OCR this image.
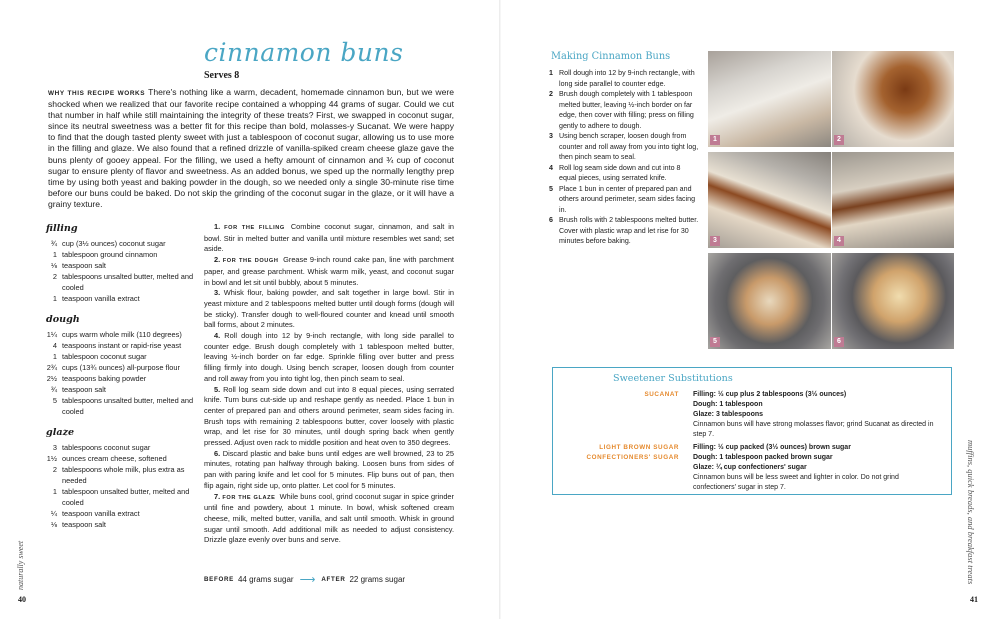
cinnamon buns
Serves 8
WHY THIS RECIPE WORKS There's nothing like a warm, decadent, homemade cinnamon bun, but we were shocked when we realized that our favorite recipe contained a whopping 44 grams of sugar. Could we cut that number in half while still maintaining the integrity of these treats? First, we swapped in coconut sugar, since its neutral sweetness was a better fit for this recipe than bold, molasses-y Sucanat. We were happy to find that the dough tasted plenty sweet with just a tablespoon of coconut sugar, allowing us to use more in the filling and glaze. We also found that a refined drizzle of vanilla-spiked cream cheese glaze gave the buns plenty of gooey appeal. For the filling, we used a hefty amount of cinnamon and ¾ cup of coconut sugar to ensure plenty of flavor and sweetness. As an added bonus, we sped up the normally lengthy prep time by using both yeast and baking powder in the dough, so we needed only a single 30-minute rise time before our buns could be baked. Do not skip the grinding of the coconut sugar in the glaze, or it will have a grainy texture.
filling
¾ cup (3½ ounces) coconut sugar
1 tablespoon ground cinnamon
⅛ teaspoon salt
2 tablespoons unsalted butter, melted and cooled
1 teaspoon vanilla extract
dough
1¼ cups warm whole milk (110 degrees)
4 teaspoons instant or rapid-rise yeast
1 tablespoon coconut sugar
2¾ cups (13¾ ounces) all-purpose flour
2½ teaspoons baking powder
¾ teaspoon salt
5 tablespoons unsalted butter, melted and cooled
glaze
3 tablespoons coconut sugar
1½ ounces cream cheese, softened
2 tablespoons whole milk, plus extra as needed
1 tablespoon unsalted butter, melted and cooled
¼ teaspoon vanilla extract
⅛ teaspoon salt

1. FOR THE FILLING Combine coconut sugar, cinnamon, and salt in bowl. Stir in melted butter and vanilla until mixture resembles wet sand; set aside.

2. FOR THE DOUGH Grease 9-inch round cake pan, line with parchment paper, and grease parchment. Whisk warm milk, yeast, and coconut sugar in bowl and let sit until bubbly, about 5 minutes.

3. Whisk flour, baking powder, and salt together in large bowl. Stir in yeast mixture and 2 tablespoons melted butter until dough forms (dough will be sticky). Transfer dough to well-floured counter and knead until smooth ball forms, about 2 minutes.

4. Roll dough into 12 by 9-inch rectangle, with long side parallel to counter edge. Brush dough completely with 1 tablespoon melted butter, leaving ½-inch border on far edge. Sprinkle filling over butter and press filling firmly into dough. Using bench scraper, loosen dough from counter and roll away from you into tight log, then pinch seam to seal.

5. Roll log seam side down and cut into 8 equal pieces, using serrated knife. Turn buns cut-side up and reshape gently as needed. Place 1 bun in center of prepared pan and others around perimeter, seam sides facing in. Brush tops with remaining 2 tablespoons butter, cover loosely with plastic wrap, and let rise for 30 minutes, until dough spring back when gently pressed. Adjust oven rack to middle position and heat oven to 350 degrees.

6. Discard plastic and bake buns until edges are well browned, 23 to 25 minutes, rotating pan halfway through baking. Loosen buns from sides of pan with paring knife and let cool for 5 minutes. Flip buns out of pan, then flip again, right side up, onto platter. Let cool for 5 minutes.

7. FOR THE GLAZE While buns cool, grind coconut sugar in spice grinder until fine and powdery, about 1 minute. In bowl, whisk softened cream cheese, milk, melted butter, vanilla, and salt until smooth. Whisk in ground sugar until smooth. Add additional milk as needed to adjust consistency. Drizzle glaze evenly over buns and serve.

BEFORE 44 grams sugar ⟶ AFTER 22 grams sugar
naturally sweet
40
Making Cinnamon Buns
1 Roll dough into 12 by 9-inch rectangle, with long side parallel to counter edge.
2 Brush dough completely with 1 tablespoon melted butter, leaving ½-inch border on far edge, then cover with filling; press on filling gently to adhere to dough.
3 Using bench scraper, loosen dough from counter and roll away from you into tight log, then pinch seam to seal.
4 Roll log seam side down and cut into 8 equal pieces, using serrated knife.
5 Place 1 bun in center of prepared pan and others around perimeter, seam sides facing in.
6 Brush rolls with 2 tablespoons melted butter. Cover with plastic wrap and let rise for 30 minutes before baking.
1	2
3	4
5	6
Sweetener Substitutions
SUCANAT	Filling: ½ cup plus 2 tablespoons (3½ ounces)
Dough: 1 tablespoon
Glaze: 3 tablespoons
Cinnamon buns will have strong molasses flavor; grind Sucanat as directed in step 7.
LIGHT BROWN SUGAR
CONFECTIONERS' SUGAR
Filling: ½ cup packed (3½ ounces) brown sugar
Dough: 1 tablespoon packed brown sugar
Glaze: ¼ cup confectioners' sugar
Cinnamon buns will be less sweet and lighter in color. Do not grind confectioners' sugar in step 7.	muffins, quick breads, and breakfast treats
41
